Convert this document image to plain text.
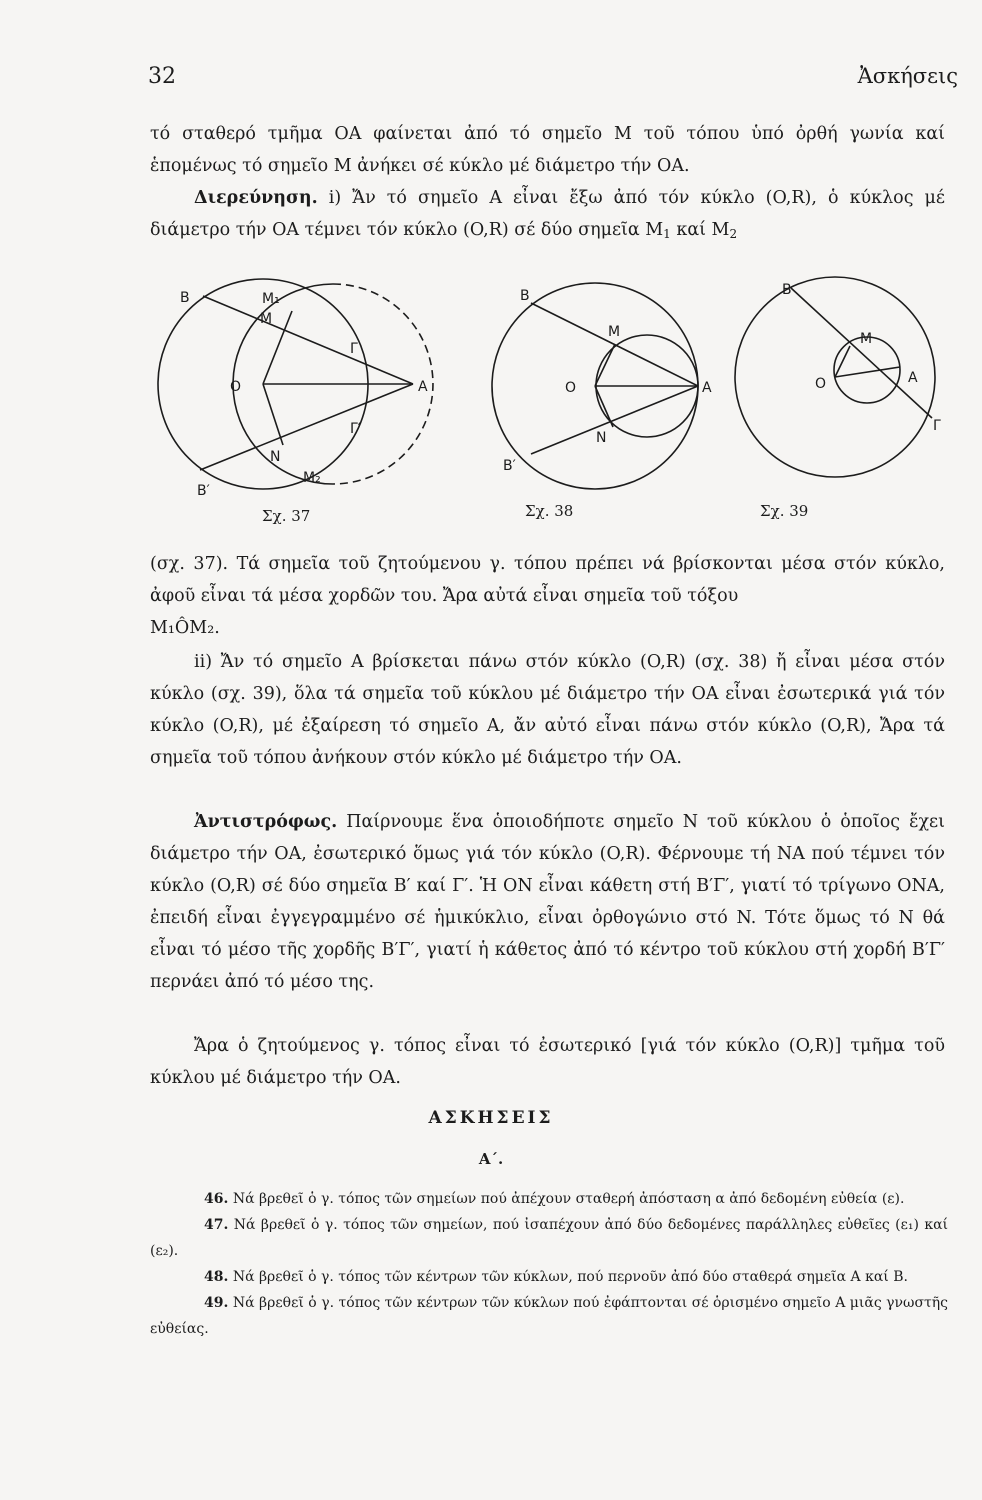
32	Ἀσκήσεις

τό σταθερό τμῆμα ΟΑ φαίνεται ἀπό τό σημεῖο Μ τοῦ τόπου ὑπό ὀρθή γωνία καί ἑπομένως τό σημεῖο Μ ἀνήκει σέ κύκλο μέ διάμετρο τήν ΟΑ.

Διερεύνηση. i) Ἄν τό σημεῖο Α εἶναι ἔξω ἀπό τόν κύκλο (O,R), ὁ κύκλος μέ διάμετρο τήν ΟΑ τέμνει τόν κύκλο (O,R) σέ δύο σημεῖα $M_1$ καί $M_2$

B	M₁
M
Γ
O	A
Γ′
N
M₂
B′
Σχ. 37
B
M
O	A
N
B′
Σχ. 38
B
M
O	A
Γ
Σχ. 39

(σχ. 37). Τά σημεῖα τοῦ ζητούμενου γ. τόπου πρέπει νά βρίσκονται μέσα στόν κύκλο, ἀφοῦ εἶναι τά μέσα χορδῶν του. Ἄρα αὐτά εἶναι σημεῖα τοῦ τόξου
M₁ÔM₂.

ii) Ἄν τό σημεῖο Α βρίσκεται πάνω στόν κύκλο (O,R) (σχ. 38) ἤ εἶναι μέσα στόν κύκλο (σχ. 39), ὅλα τά σημεῖα τοῦ κύκλου μέ διάμετρο τήν ΟΑ εἶναι ἐσωτερικά γιά τόν κύκλο (O,R), μέ ἐξαίρεση τό σημεῖο Α, ἄν αὐτό εἶναι πάνω στόν κύκλο (O,R), Ἄρα τά σημεῖα τοῦ τόπου ἀνήκουν στόν κύκλο μέ διάμετρο τήν ΟΑ.

Ἀντιστρόφως. Παίρνουμε ἕνα ὁποιοδήποτε σημεῖο N τοῦ κύκλου ὁ ὁποῖος ἔχει διάμετρο τήν ΟΑ, ἐσωτερικό ὅμως γιά τόν κύκλο (O,R). Φέρνουμε τή ΝΑ πού τέμνει τόν κύκλο (O,R) σέ δύο σημεῖα B′ καί Γ′. Ἡ ON εἶναι κάθετη στή B′Γ′, γιατί τό τρίγωνο ONA, ἐπειδή εἶναι ἐγγεγραμμένο σέ ἡμικύκλιο, εἶναι ὀρθογώνιο στό N. Τότε ὅμως τό N θά εἶναι τό μέσο τῆς χορδῆς B′Γ′, γιατί ἡ κάθετος ἀπό τό κέντρο τοῦ κύκλου στή χορδή B′Γ′ περνάει ἀπό τό μέσο της.

Ἄρα ὁ ζητούμενος γ. τόπος εἶναι τό ἐσωτερικό [γιά τόν κύκλο (O,R)] τμῆμα τοῦ κύκλου μέ διάμετρο τήν ΟΑ.

ΑΣΚΗΣΕΙΣ
Α΄.

46. Νά βρεθεῖ ὁ γ. τόπος τῶν σημείων πού ἀπέχουν σταθερή ἀπόσταση α ἀπό δεδομένη εὐθεία (ε).

47. Νά βρεθεῖ ὁ γ. τόπος τῶν σημείων, πού ἰσαπέχουν ἀπό δύο δεδομένες παράλληλες εὐθεῖες (ε₁) καί (ε₂).

48. Νά βρεθεῖ ὁ γ. τόπος τῶν κέντρων τῶν κύκλων, πού περνοῦν ἀπό δύο σταθερά σημεῖα Α καί Β.

49. Νά βρεθεῖ ὁ γ. τόπος τῶν κέντρων τῶν κύκλων πού ἐφάπτονται σέ ὁρισμένο σημεῖο Α μιᾶς γνωστῆς εὐθείας.
